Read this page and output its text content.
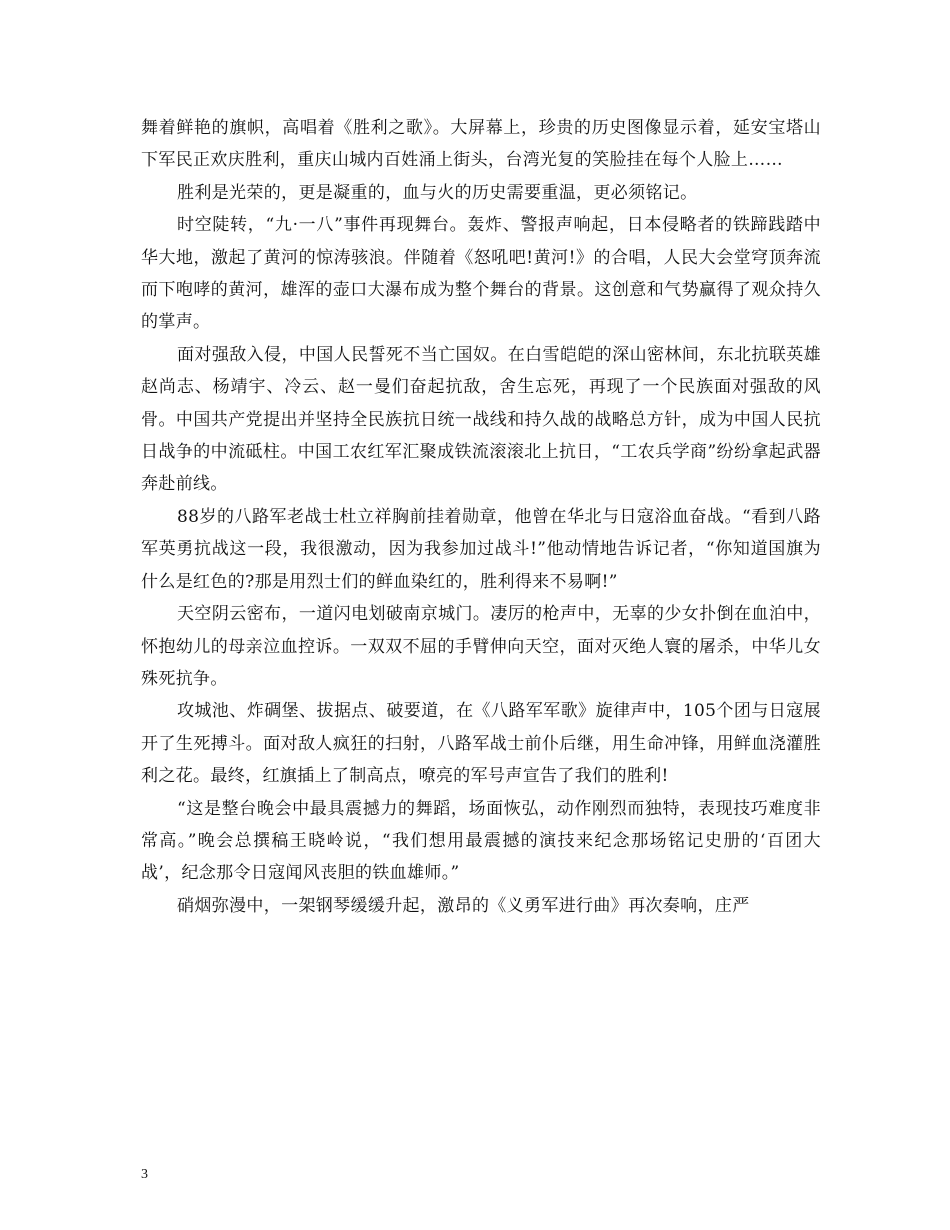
舞着鲜艳的旗帜，高唱着《胜利之歌》。大屏幕上，珍贵的历史图像显示着，延安宝塔山下军民正欢庆胜利，重庆山城内百姓涌上街头，台湾光复的笑脸挂在每个人脸上……

胜利是光荣的，更是凝重的，血与火的历史需要重温，更必须铭记。

时空陡转，“九·一八”事件再现舞台。轰炸、警报声响起，日本侵略者的铁蹄践踏中华大地，激起了黄河的惊涛骇浪。伴随着《怒吼吧!黄河!》的合唱，人民大会堂穹顶奔流而下咆哮的黄河，雄浑的壶口大瀑布成为整个舞台的背景。这创意和气势赢得了观众持久的掌声。

面对强敌入侵，中国人民誓死不当亡国奴。在白雪皑皑的深山密林间，东北抗联英雄赵尚志、杨靖宇、冷云、赵一曼们奋起抗敌，舍生忘死，再现了一个民族面对强敌的风骨。中国共产党提出并坚持全民族抗日统一战线和持久战的战略总方针，成为中国人民抗日战争的中流砥柱。中国工农红军汇聚成铁流滚滚北上抗日，“工农兵学商”纷纷拿起武器奔赴前线。

88岁的八路军老战士杜立祥胸前挂着勋章，他曾在华北与日寇浴血奋战。“看到八路军英勇抗战这一段，我很激动，因为我参加过战斗!”他动情地告诉记者，“你知道国旗为什么是红色的?那是用烈士们的鲜血染红的，胜利得来不易啊!”

天空阴云密布，一道闪电划破南京城门。凄厉的枪声中，无辜的少女扑倒在血泊中，怀抱幼儿的母亲泣血控诉。一双双不屈的手臂伸向天空，面对灭绝人寰的屠杀，中华儿女殊死抗争。

攻城池、炸碉堡、拔据点、破要道，在《八路军军歌》旋律声中，105个团与日寇展开了生死搏斗。面对敌人疯狂的扫射，八路军战士前仆后继，用生命冲锋，用鲜血浇灌胜利之花。最终，红旗插上了制高点，嘹亮的军号声宣告了我们的胜利!

“这是整台晚会中最具震撼力的舞蹈，场面恢弘，动作刚烈而独特，表现技巧难度非常高。”晚会总撰稿王晓岭说，“我们想用最震撼的演技来纪念那场铭记史册的‘百团大战’，纪念那令日寇闻风丧胆的铁血雄师。”

硝烟弥漫中，一架钢琴缓缓升起，激昂的《义勇军进行曲》再次奏响，庄严

3
